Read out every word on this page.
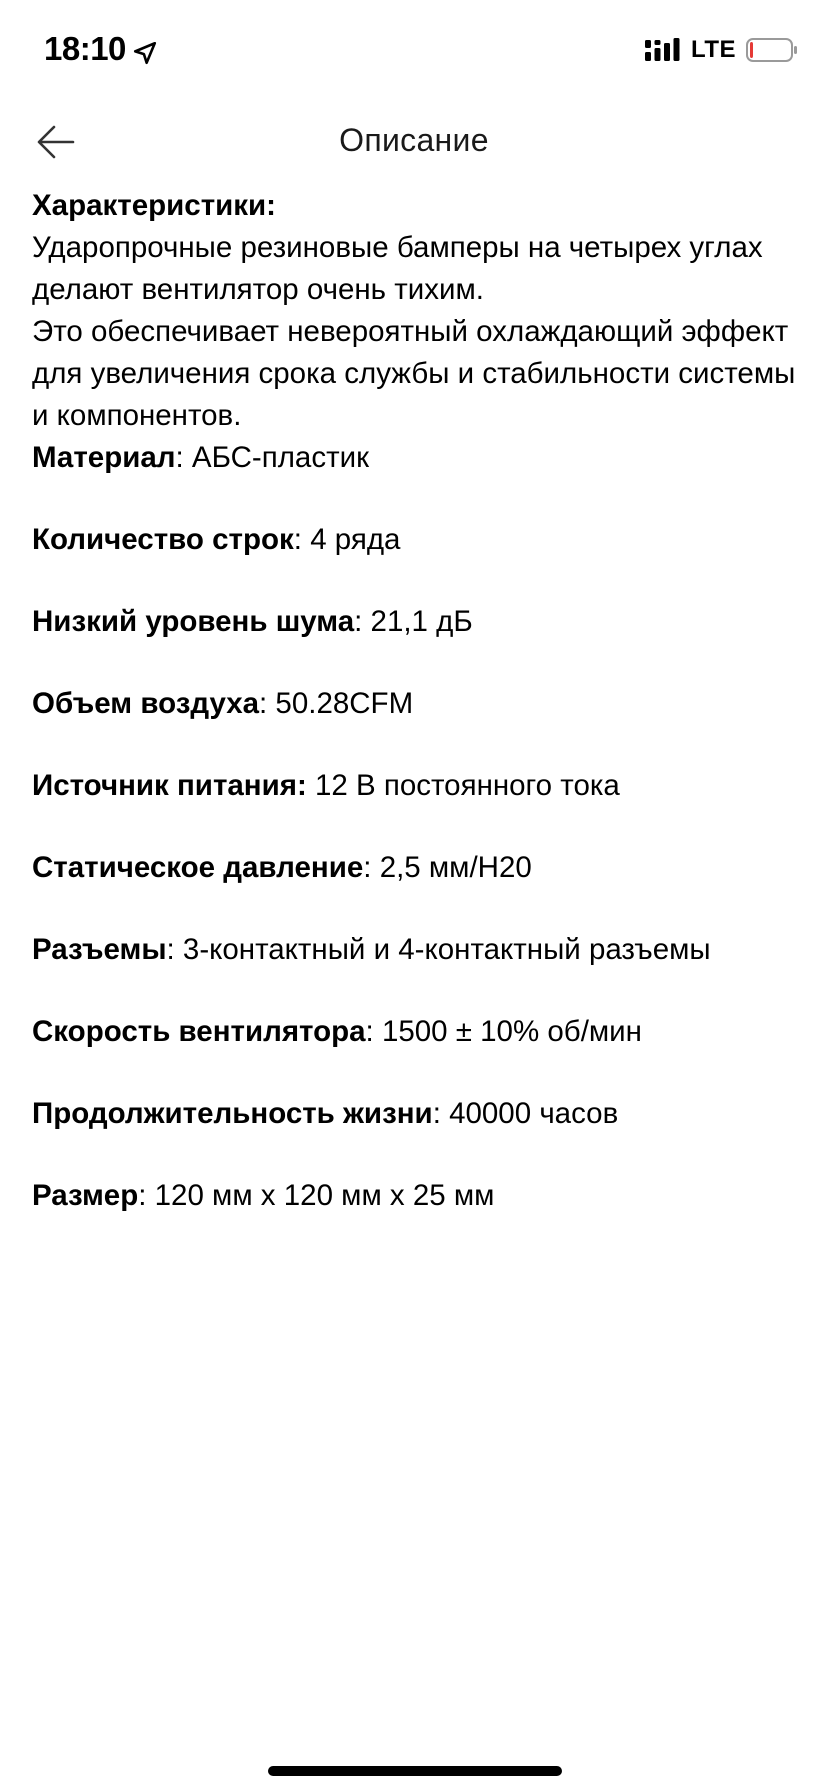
18:10	LTE
Описание
Характеристики:
Ударопрочные резиновые бамперы на четырех углах делают вентилятор очень тихим.
Это обеспечивает невероятный охлаждающий эффект для увеличения срока службы и стабильности системы и компонентов.
Материал: АБС-пластик
Количество строк: 4 ряда
Низкий уровень шума: 21,1 дБ
Объем воздуха: 50.28CFM
Источник питания: 12 В постоянного тока
Статическое давление: 2,5 мм/H20
Разъемы: 3-контактный и 4-контактный разъемы
Скорость вентилятора: 1500 ± 10% об/мин
Продолжительность жизни: 40000 часов
Размер: 120 мм x 120 мм x 25 мм
